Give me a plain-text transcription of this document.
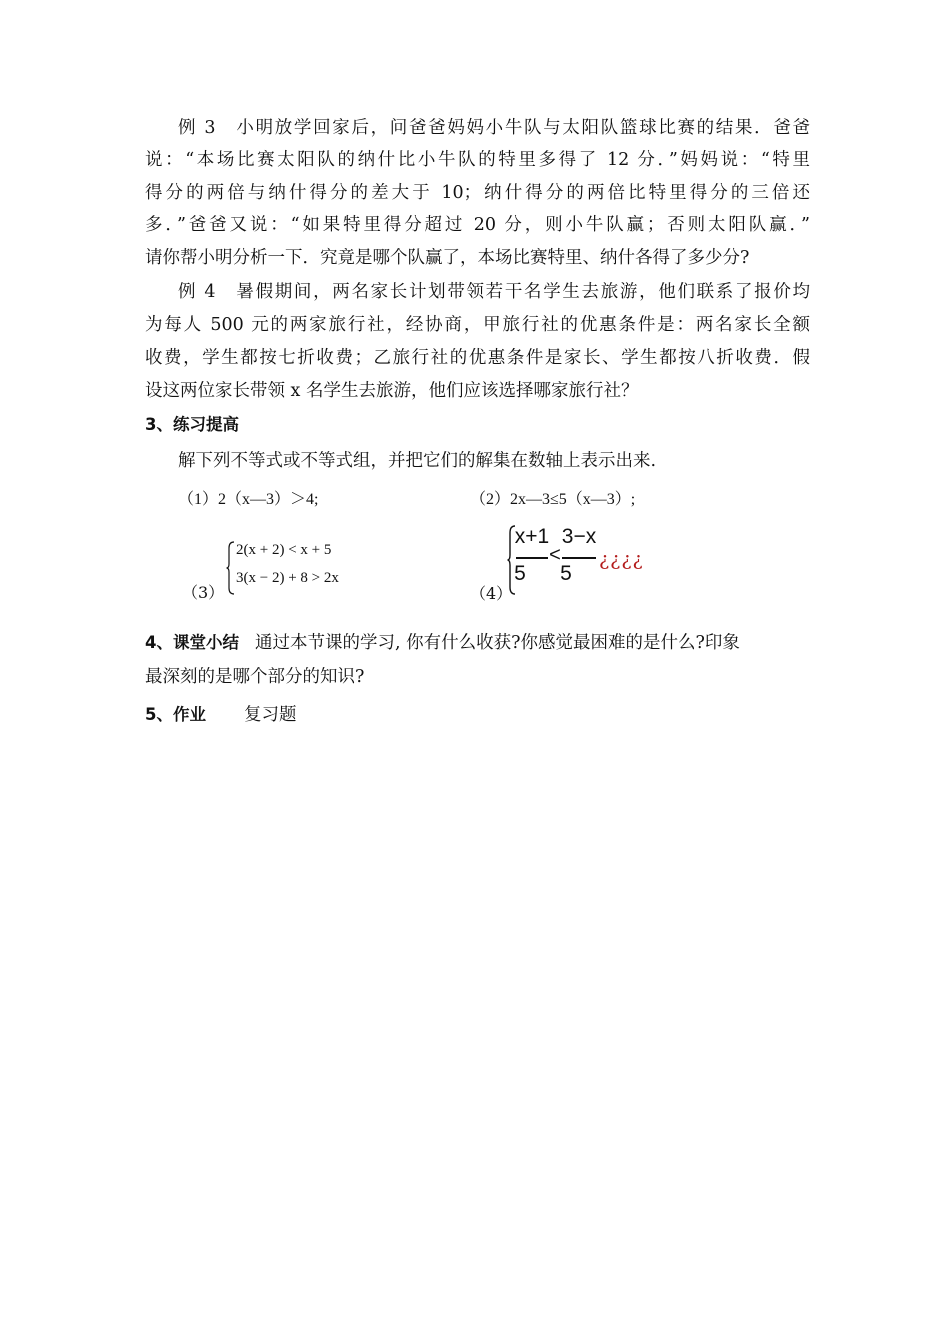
例 3　小明放学回家后，问爸爸妈妈小牛队与太阳队篮球比赛的结果．爸爸
说：“本场比赛太阳队的纳什比小牛队的特里多得了 12 分．”妈妈说：“特里
得分的两倍与纳什得分的差大于 10；纳什得分的两倍比特里得分的三倍还
多．”爸爸又说：“如果特里得分超过 20 分，则小牛队赢；否则太阳队赢．”
请你帮小明分析一下．究竟是哪个队赢了，本场比赛特里、纳什各得了多少分?
例 4　暑假期间，两名家长计划带领若干名学生去旅游，他们联系了报价均
为每人 500 元的两家旅行社，经协商，甲旅行社的优惠条件是：两名家长全额
收费，学生都按七折收费；乙旅行社的优惠条件是家长、学生都按八折收费．假
设这两位家长带领 x 名学生去旅游，他们应该选择哪家旅行社？
3、练习提高
解下列不等式或不等式组，并把它们的解集在数轴上表示出来.
（1）2（x—3）＞4;	（2）2x—3≤5（x—3）;
（3）
2(x + 2) < x + 5
3(x − 2) + 8 > 2x
（4）
x+1
5
<
3−x
5
¿¿¿¿
4、课堂小结 通过本节课的学习, 你有什么收获?你感觉最困难的是什么?印象
最深刻的是哪个部分的知识?
5、作业 复习题
